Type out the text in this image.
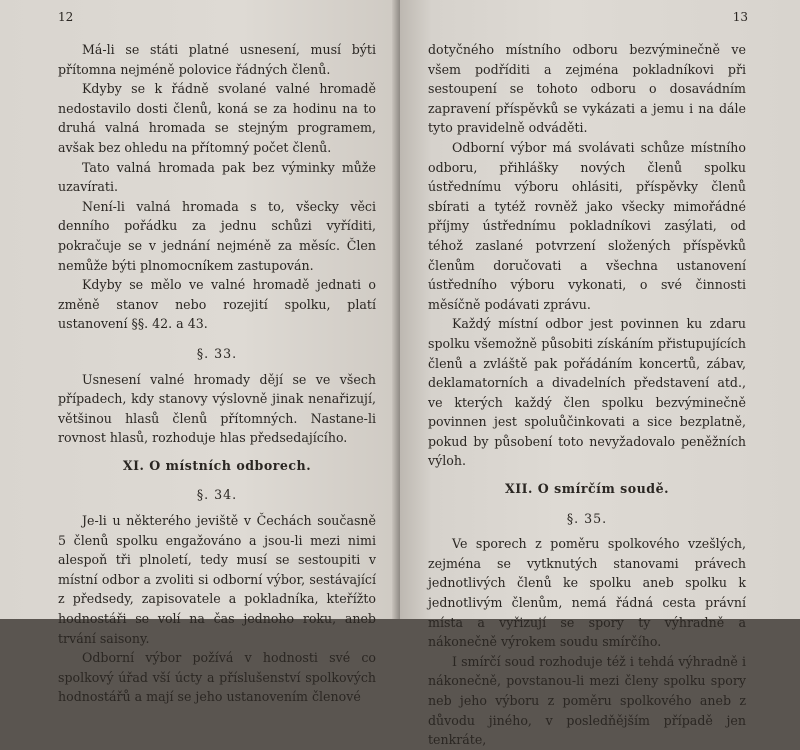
12

Má-li se státi platné usnesení, musí býti přítomna nejméně polovice řádných členů.

Kdyby se k řádně svolané valné hromadě nedostavilo dosti členů, koná se za hodinu na to druhá valná hromada se stejným programem, avšak bez ohledu na přítomný počet členů.

Tato valná hromada pak bez výminky může uzavírati.

Není-li valná hromada s to, všecky věci denního pořádku za jednu schůzi vyříditi, pokračuje se v jednání nejméně za měsíc. Člen nemůže býti plnomocníkem zastupován.

Kdyby se mělo ve valné hromadě jednati o změně stanov nebo rozejití spolku, platí ustanovení §§. 42. a 43.

§. 33.

Usnesení valné hromady dějí se ve všech případech, kdy stanovy výslovně jinak nenařizují, většinou hlasů členů přítomných. Nastane-li rovnost hlasů, rozhoduje hlas předsedajícího.

XI. O místních odborech.
§. 34.

Je-li u některého jeviště v Čechách současně 5 členů spolku engažováno a jsou-li mezi nimi alespoň tři plnoletí, tedy musí se sestoupiti v místní odbor a zvoliti si odborní výbor, sestávající z předsedy, zapisovatele a pokladníka, kteřížto hodnostáři se volí na čas jednoho roku, aneb trvání saisony.

Odborní výbor požívá v hodnosti své co spolkový úřad vší úcty a příslušenství spolkových hodnostářů a mají se jeho ustanovením členové

13

dotyčného místního odboru bezvýminečně ve všem podříditi a zejména pokladníkovi při sestoupení se tohoto odboru o dosavádním zapravení příspěvků se vykázati a jemu i na dále tyto pravidelně odváděti.

Odborní výbor má svolávati schůze místního odboru, přihlášky nových členů spolku ústřednímu výboru ohlásiti, příspěvky členů sbírati a tytéž rovněž jako všecky mimořádné příjmy ústřednímu pokladníkovi zasýlati, od téhož zaslané potvrzení složených příspěvků členům doručovati a všechna ustanovení ústředního výboru vykonati, o své činnosti měsíčně podávati zprávu.

Každý místní odbor jest povinnen ku zdaru spolku všemožně působiti získáním přistupujících členů a zvláště pak pořádáním koncertů, zábav, deklamatorních a divadelních představení atd., ve kterých každý člen spolku bezvýminečně povinnen jest spoluůčinkovati a sice bezplatně, pokud by působení toto nevyžadovalo peněžních výloh.

XII. O smírčím soudě.
§. 35.

Ve sporech z poměru spolkového vzešlých, zejména se vytknutých stanovami právech jednotlivých členů ke spolku aneb spolku k jednotlivým členům, nemá řádná cesta právní místa a vyřizují se spory ty výhradně a nákonečně výrokem soudu smírčího.

I smírčí soud rozhoduje též i tehdá výhradně i nákonečně, povstanou-li mezi členy spolku spory neb jeho výboru z poměru spolkového aneb z důvodu jiného, v posledňějším případě jen tenkráte,
